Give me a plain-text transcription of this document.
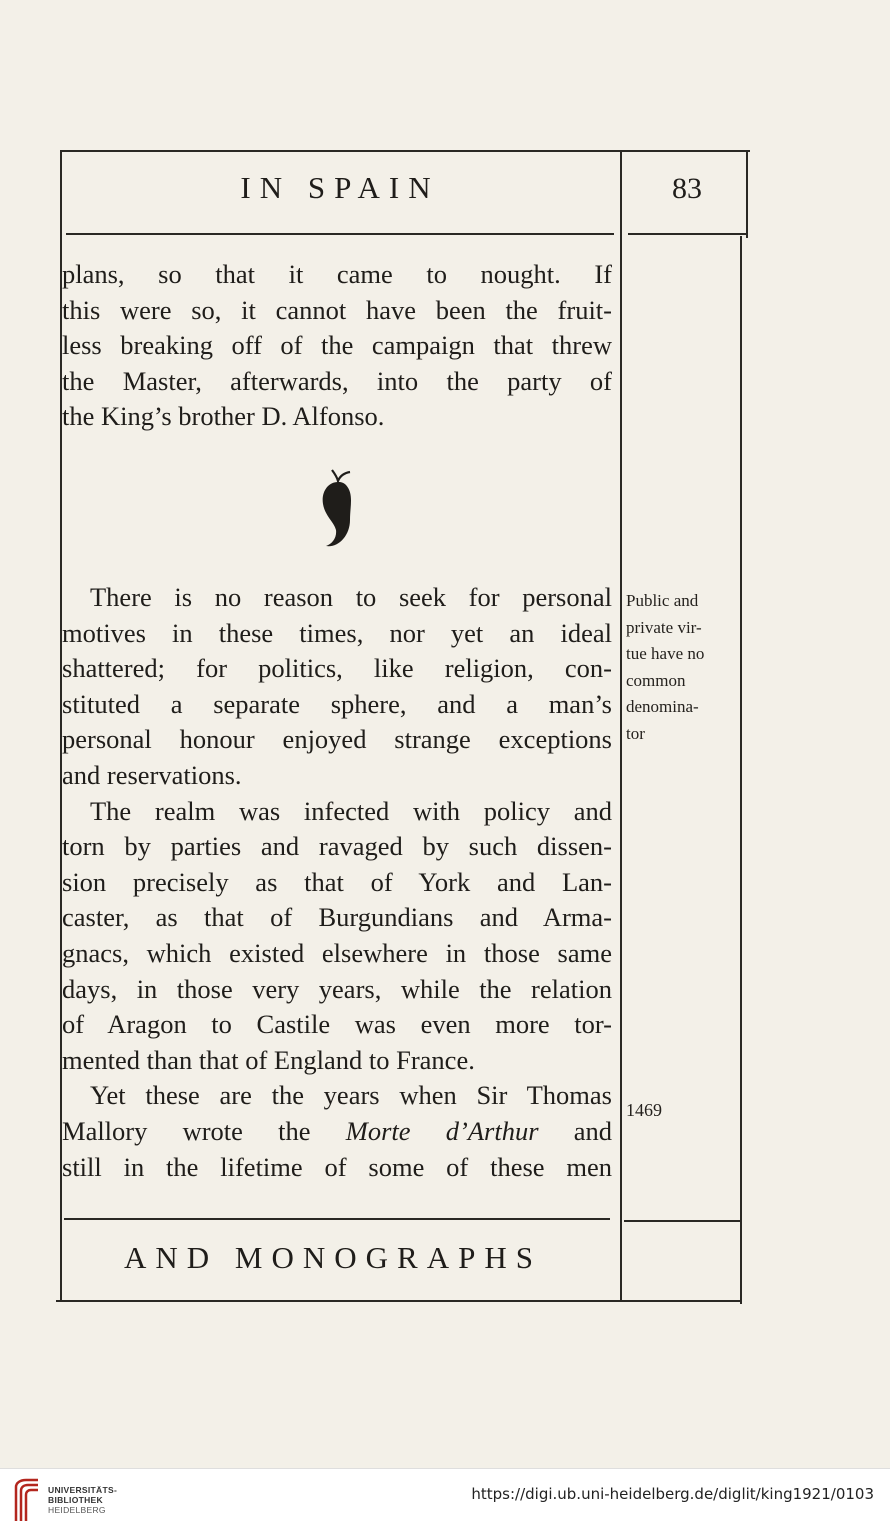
IN SPAIN	83
plans, so that it came to nought. If
this were so, it cannot have been the fruit-
less breaking off of the campaign that threw
the Master, afterwards, into the party of
the King’s brother D. Alfonso.
There is no reason to seek for personal
motives in these times, nor yet an ideal
shattered; for politics, like religion, con-
stituted a separate sphere, and a man’s
personal honour enjoyed strange exceptions
and reservations.
The realm was infected with policy and
torn by parties and ravaged by such dissen-
sion precisely as that of York and Lan-
caster, as that of Burgundians and Arma-
gnacs, which existed elsewhere in those same
days, in those very years, while the relation
of Aragon to Castile was even more tor-
mented than that of England to France.
Yet these are the years when Sir Thomas
Mallory wrote the Morte d’Arthur and
still in the lifetime of some of these men
Public and
private vir-
tue have no
common
denomina-
tor
1469
AND MONOGRAPHS
UNIVERSITÄTS-
BIBLIOTHEK
HEIDELBERG
https://digi.ub.uni-heidelberg.de/diglit/king1921/0103
